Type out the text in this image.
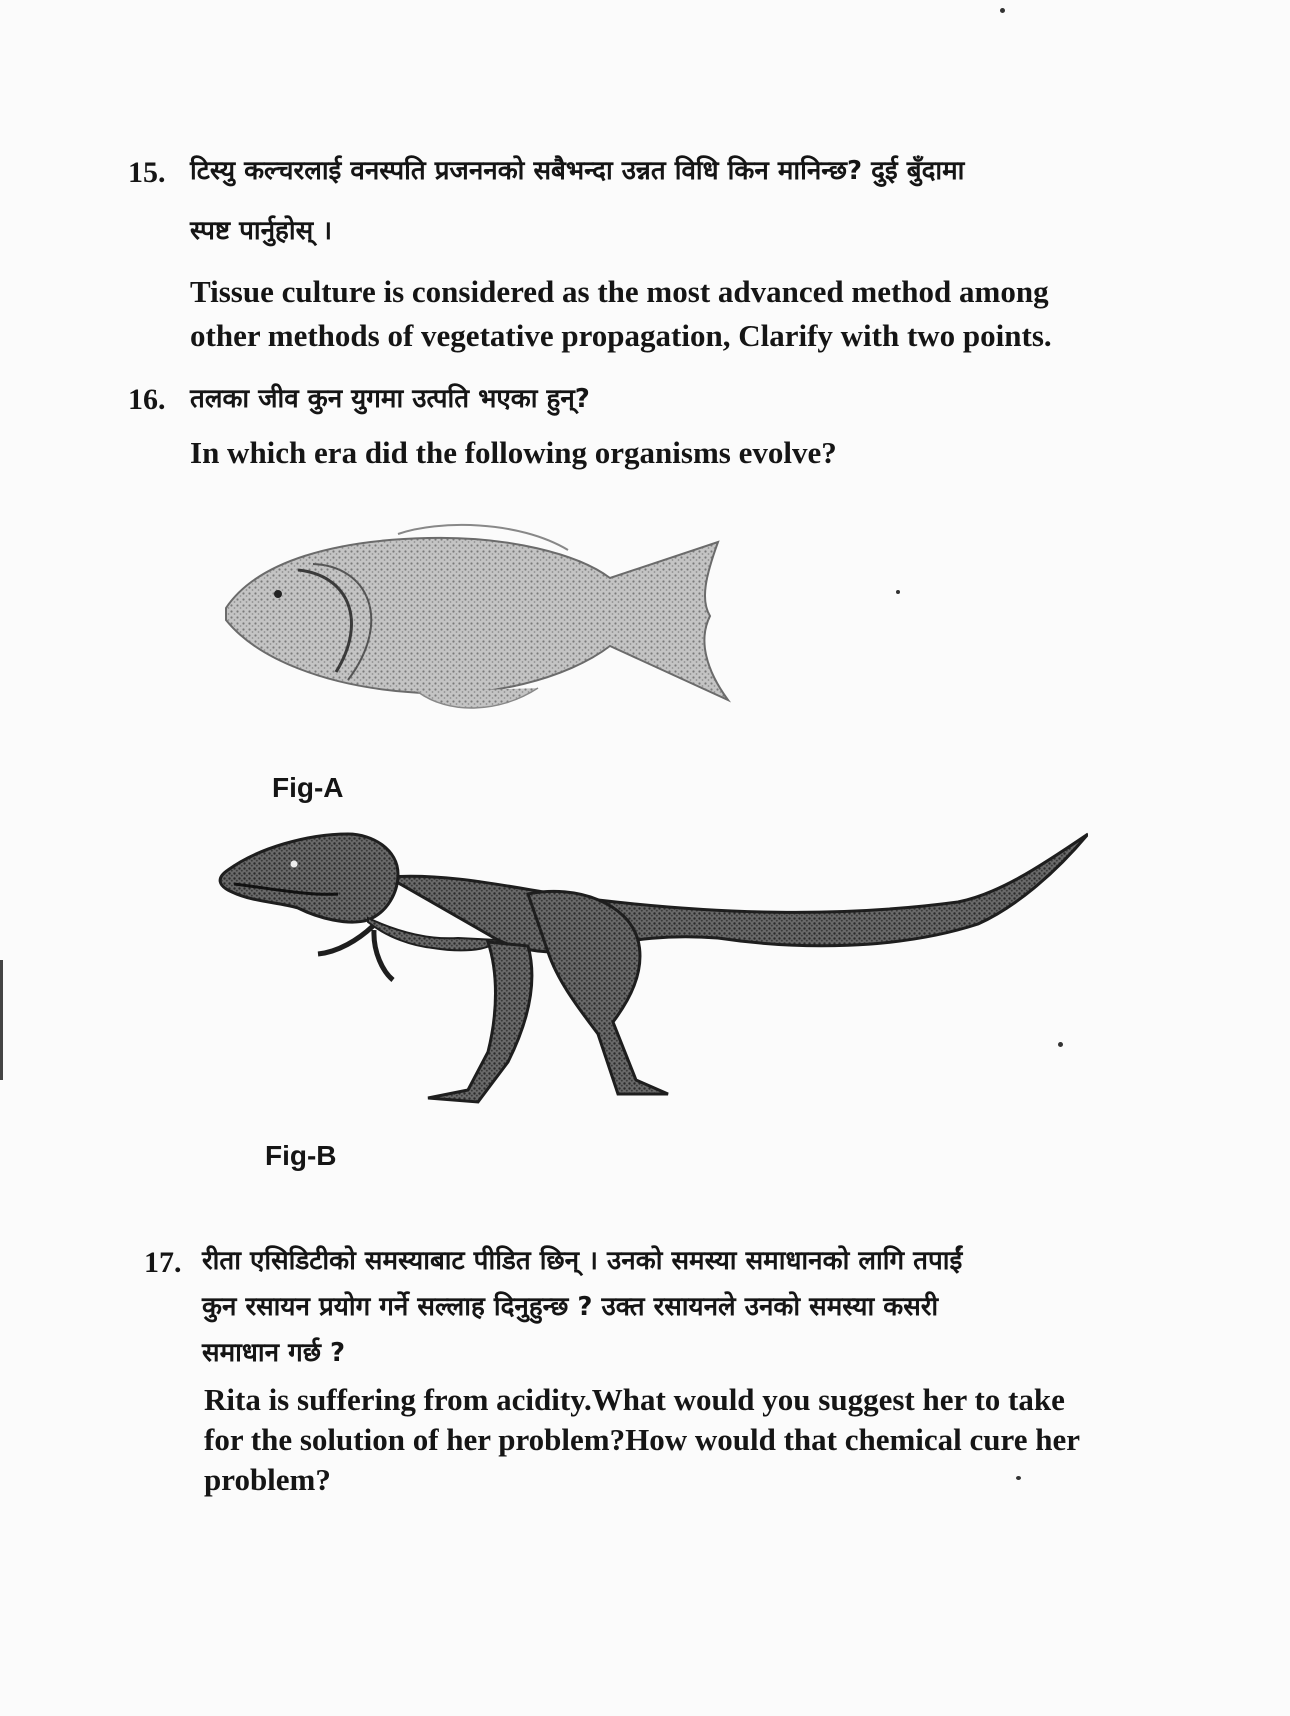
15. टिस्यु कल्चरलाई वनस्पति प्रजननको सबैभन्दा उन्नत विधि किन मानिन्छ? दुई बुँदामा
स्पष्ट पार्नुहोस् ।
Tissue culture is considered as the most advanced method among
other methods of vegetative propagation, Clarify with two points.
16. तलका जीव कुन युगमा उत्पति भएका हुन्?
In which era did the following organisms evolve?
Fig-A
Fig-B
17. रीता एसिडिटीको समस्याबाट पीडित छिन् । उनको समस्या समाधानको लागि तपाईं
कुन रसायन प्रयोग गर्ने सल्लाह दिनुहुन्छ ? उक्त रसायनले उनको समस्या कसरी
समाधान गर्छ ?
Rita is suffering from acidity.What would you suggest her to take
for the solution of her problem?How would that chemical cure her
problem?
